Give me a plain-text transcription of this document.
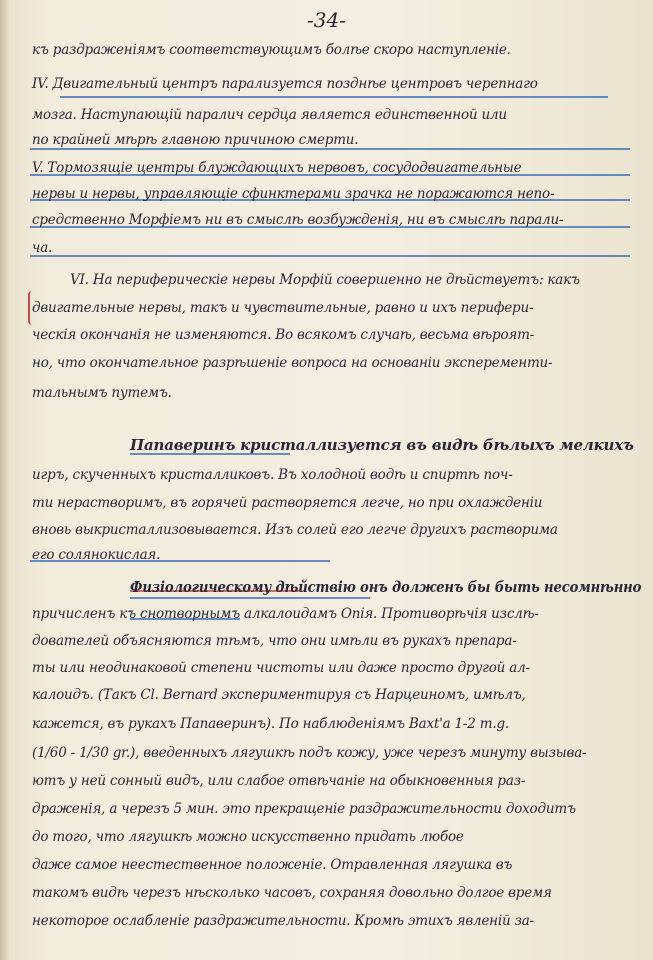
-34-
къ раздраженіямъ соответствующимъ болѣе скоро наступленіе.
IV. Двигательный центръ парализуется позднѣе центровъ черепнаго
мозга. Наступающій паралич сердца является единственной или
по крайней мѣрѣ главною причиною смерти.
V. Тормозящіе центры блуждающихъ нервовъ, сосудодвигательные
нервы и нервы, управляющіе сфинктерами зрачка не поражаются непо-
средственно Морфіемъ ни въ смыслѣ возбужденія, ни въ смыслѣ парали-
ча.
VI. На периферическіе нервы Морфій совершенно не дѣйствуетъ: какъ
двигательные нервы, такъ и чувствительные, равно и ихъ перифери-
ческія окончанія не изменяются. Во всякомъ случаѣ, весьма вѣроят-
но, что окончательное разрѣшеніе вопроса на основаніи эксперементи-
тальнымъ путемъ.
Папаверинъ кристаллизуется въ видѣ бѣлыхъ мелкихъ
игръ, скученныхъ кристалликовъ. Въ холодной водѣ и спиртѣ поч-
ти нерастворимъ, въ горячей растворяется легче, но при охлажденіи
вновь выкристаллизовывается. Изъ солей его легче другихъ растворима
его солянокислая.
Физіологическому дѣйствію онъ долженъ бы быть несомнѣнно
причисленъ къ снотворнымъ алкалоидамъ Опія. Противорѣчія изслѣ-
дователей объясняются тѣмъ, что они имѣли въ рукахъ препара-
ты или неодинаковой степени чистоты или даже просто другой ал-
калоидъ. (Такъ Cl. Bernard экспериментируя съ Нарцеиномъ, имѣлъ,
кажется, въ рукахъ Папаверинъ). По наблюденіямъ Baxt'a 1-2 m.g.
(1/60 - 1/30 gr.), введенныхъ лягушкѣ подъ кожу, уже черезъ минуту вызыва-
ютъ у ней сонный видъ, или слабое отвѣчаніе на обыкновенныя раз-
драженія, а черезъ 5 мин. это прекращеніе раздражительности доходитъ
до того, что лягушкѣ можно искусственно придать любое
даже самое неестественное положеніе. Отравленная лягушка въ
такомъ видѣ черезъ нѣсколько часовъ, сохраняя довольно долгое время
некоторое ослабленіе раздражительности. Кромѣ этихъ явленій за-
